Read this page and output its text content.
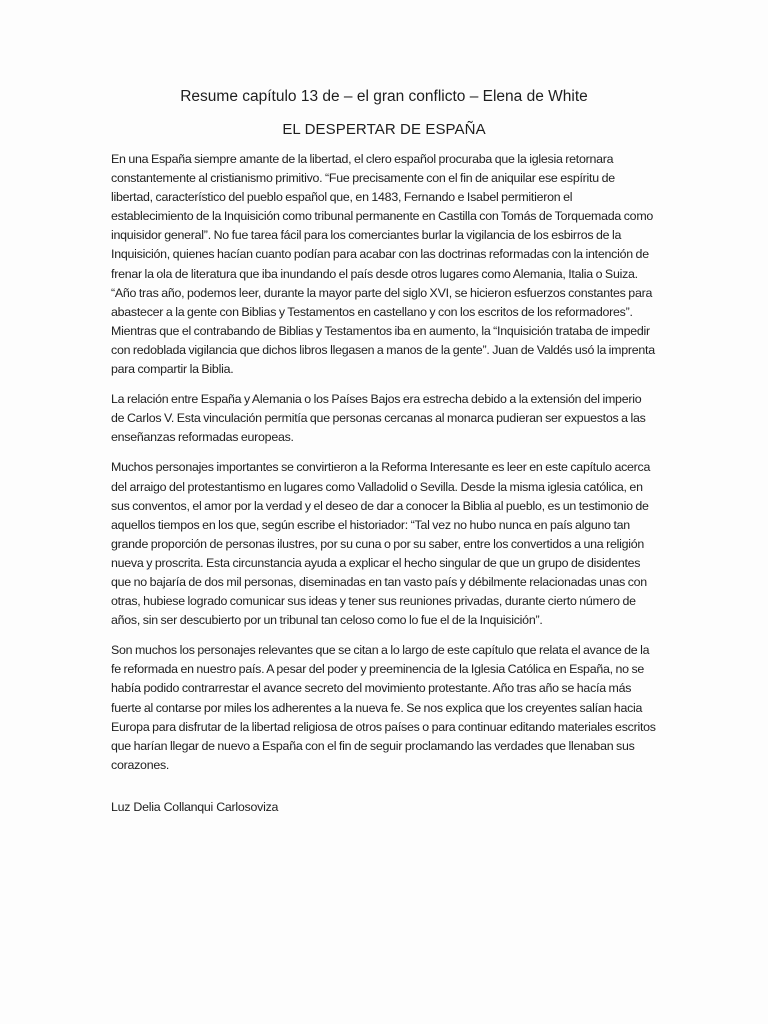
Resume capítulo 13 de – el gran conflicto – Elena de White
EL DESPERTAR DE ESPAÑA

En una España siempre amante de la libertad, el clero español procuraba que la iglesia retornara constantemente al cristianismo primitivo. “Fue precisamente con el fin de aniquilar ese espíritu de libertad, característico del pueblo español que, en 1483, Fernando e Isabel permitieron el establecimiento de la Inquisición como tribunal permanente en Castilla con Tomás de Torquemada como inquisidor general”. No fue tarea fácil para los comerciantes burlar la vigilancia de los esbirros de la Inquisición, quienes hacían cuanto podían para acabar con las doctrinas reformadas con la intención de frenar la ola de literatura que iba inundando el país desde otros lugares como Alemania, Italia o Suiza. “Año tras año, podemos leer, durante la mayor parte del siglo XVI, se hicieron esfuerzos constantes para abastecer a la gente con Biblias y Testamentos en castellano y con los escritos de los reformadores”. Mientras que el contrabando de Biblias y Testamentos iba en aumento, la “Inquisición trataba de impedir con redoblada vigilancia que dichos libros llegasen a manos de la gente”. Juan de Valdés usó la imprenta para compartir la Biblia.

La relación entre España y Alemania o los Países Bajos era estrecha debido a la extensión del imperio de Carlos V. Esta vinculación permitía que personas cercanas al monarca pudieran ser expuestos a las enseñanzas reformadas europeas.

Muchos personajes importantes se convirtieron a la Reforma Interesante es leer en este capítulo acerca del arraigo del protestantismo en lugares como Valladolid o Sevilla. Desde la misma iglesia católica, en sus conventos, el amor por la verdad y el deseo de dar a conocer la Biblia al pueblo, es un testimonio de aquellos tiempos en los que, según escribe el historiador: “Tal vez no hubo nunca en país alguno tan grande proporción de personas ilustres, por su cuna o por su saber, entre los convertidos a una religión nueva y proscrita. Esta circunstancia ayuda a explicar el hecho singular de que un grupo de disidentes que no bajaría de dos mil personas, diseminadas en tan vasto país y débilmente relacionadas unas con otras, hubiese logrado comunicar sus ideas y tener sus reuniones privadas, durante cierto número de años, sin ser descubierto por un tribunal tan celoso como lo fue el de la Inquisición”.

Son muchos los personajes relevantes que se citan a lo largo de este capítulo que relata el avance de la fe reformada en nuestro país. A pesar del poder y preeminencia de la Iglesia Católica en España, no se había podido contrarrestar el avance secreto del movimiento protestante. Año tras año se hacía más fuerte al contarse por miles los adherentes a la nueva fe. Se nos explica que los creyentes salían hacia Europa para disfrutar de la libertad religiosa de otros países o para continuar editando materiales escritos que harían llegar de nuevo a España con el fin de seguir proclamando las verdades que llenaban sus corazones.

Luz Delia Collanqui Carlosoviza
